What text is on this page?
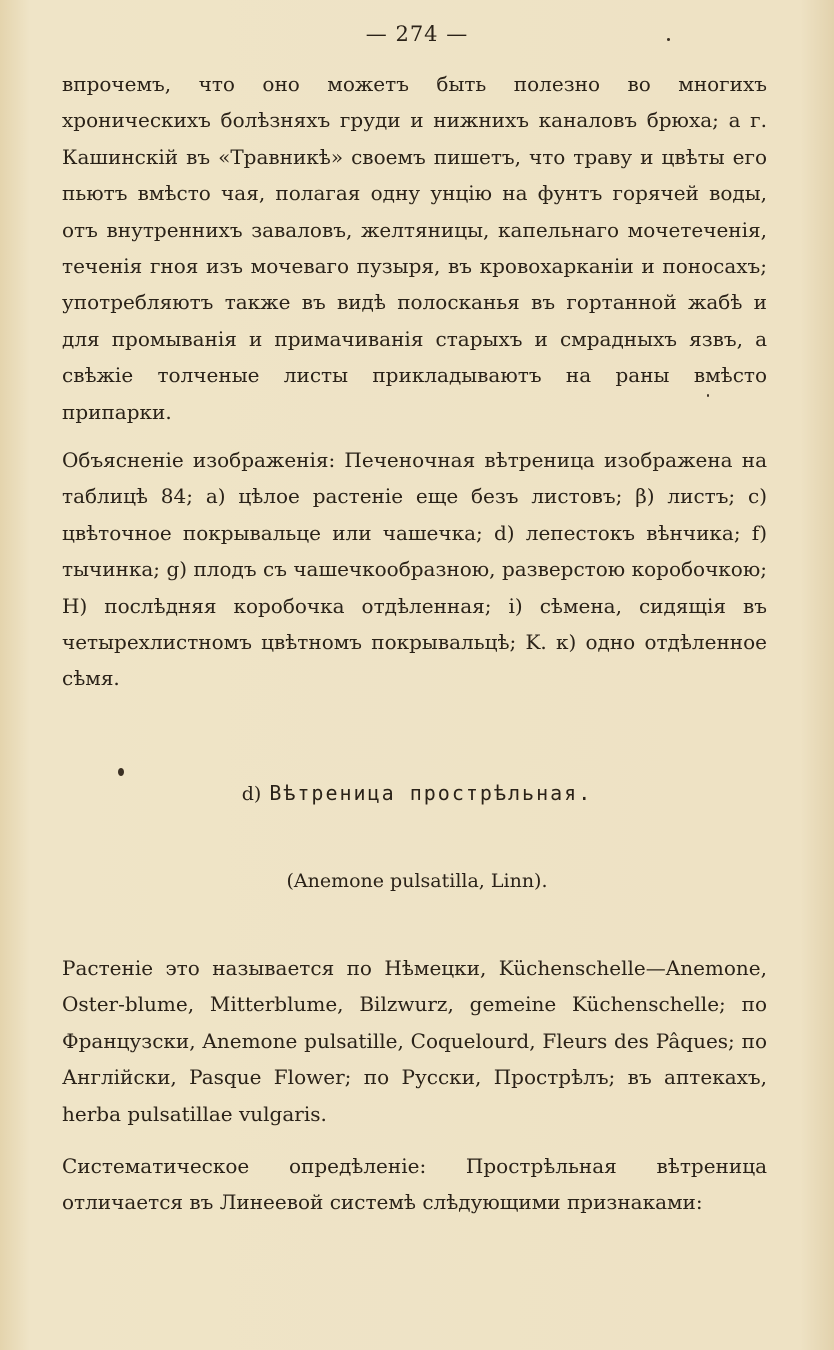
— 274 —

впрочемъ, что оно можетъ быть полезно во многихъ хроническихъ болѣзняхъ груди и нижнихъ каналовъ брюха; а г. Кашинскій въ «Травникѣ» своемъ пишетъ, что траву и цвѣты его пьютъ вмѣсто чая, полагая одну унцію на фунтъ горячей воды, отъ внутреннихъ заваловъ, желтяницы, капельнаго мочетеченія, теченія гноя изъ мочеваго пузыря, въ кровохарканіи и поносахъ; употребляютъ также въ видѣ полосканья въ гортанной жабѣ и для промыванія и примачиванія старыхъ и смрадныхъ язвъ, а свѣжіе толченые листы прикладываютъ на раны вмѣсто припарки.

Объясненіе изображенія: Печеночная вѣтреница изображена на таблицѣ 84; а) цѣлое растеніе еще безъ листовъ; β) листъ; с) цвѣточное покрывальце или чашечка; d) лепестокъ вѣнчика; f) тычинка; g) плодъ съ чашечкообразною, разверстою коробочкою; H) послѣдняя коробочка отдѣленная; i) сѣмена, сидящія въ четырехлистномъ цвѣтномъ покрывальцѣ; K. к) одно отдѣленное сѣмя.

d) Вѣтреница прострѣльная.
(Anemone pulsatilla, Linn).

Растеніе это называется по Нѣмецки, Küchenschelle—Anemone, Oster-blume, Mitterblume, Bilzwurz, gemeine Küchenschelle; по Французски, Anemone pulsatille, Coquelourd, Fleurs des Pâques; по Англійски, Pasque Flower; по Русски, Прострѣлъ; въ аптекахъ, herba pulsatillae vulgaris.

Систематическое опредѣленіе: Прострѣльная вѣтреница отличается въ Линеевой системѣ слѣдующими признаками:
